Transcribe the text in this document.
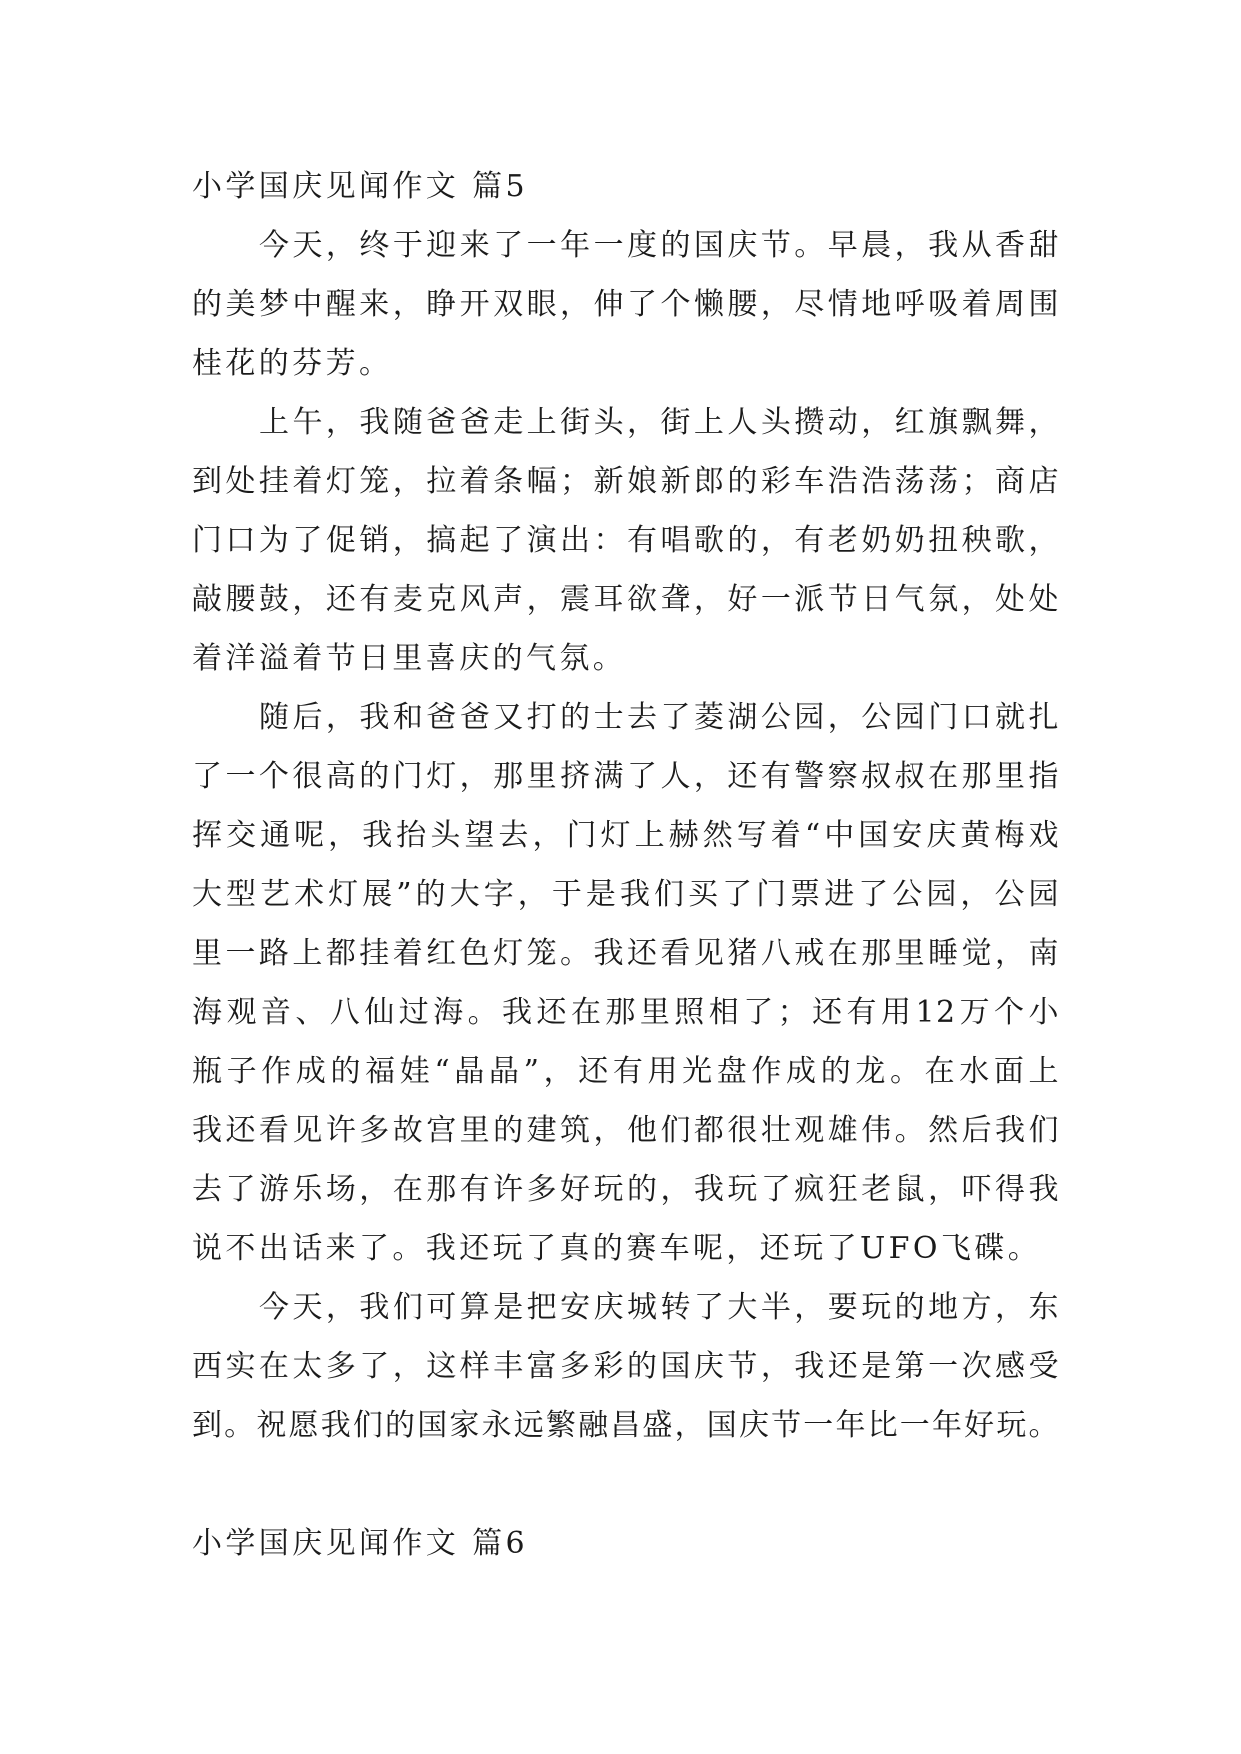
小学国庆见闻作文 篇5
今天，终于迎来了一年一度的国庆节。早晨，我从香甜
的美梦中醒来，睁开双眼，伸了个懒腰，尽情地呼吸着周围
桂花的芬芳。
上午，我随爸爸走上街头，街上人头攒动，红旗飘舞，
到处挂着灯笼，拉着条幅；新娘新郎的彩车浩浩荡荡；商店
门口为了促销，搞起了演出：有唱歌的，有老奶奶扭秧歌，
敲腰鼓，还有麦克风声，震耳欲聋，好一派节日气氛，处处
着洋溢着节日里喜庆的气氛。
随后，我和爸爸又打的士去了菱湖公园，公园门口就扎
了一个很高的门灯，那里挤满了人，还有警察叔叔在那里指
挥交通呢，我抬头望去，门灯上赫然写着“中国安庆黄梅戏
大型艺术灯展”的大字，于是我们买了门票进了公园，公园
里一路上都挂着红色灯笼。我还看见猪八戒在那里睡觉，南
海观音、八仙过海。我还在那里照相了；还有用12万个小
瓶子作成的福娃“晶晶”，还有用光盘作成的龙。在水面上
我还看见许多故宫里的建筑，他们都很壮观雄伟。然后我们
去了游乐场，在那有许多好玩的，我玩了疯狂老鼠，吓得我
说不出话来了。我还玩了真的赛车呢，还玩了UFO飞碟。
今天，我们可算是把安庆城转了大半，要玩的地方，东
西实在太多了，这样丰富多彩的国庆节，我还是第一次感受
到。祝愿我们的国家永远繁融昌盛，国庆节一年比一年好玩。
小学国庆见闻作文 篇6
